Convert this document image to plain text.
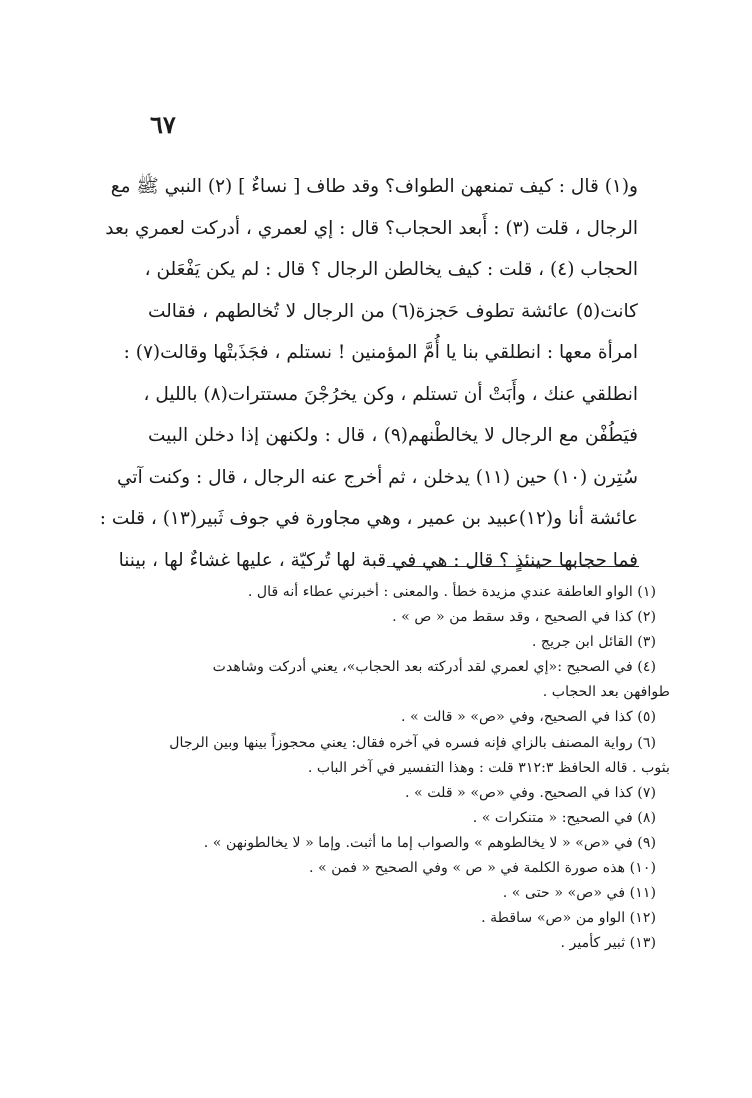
٦٧
و(١) قال : كيف تمنعهن الطواف؟ وقد طاف [ نساءٌ ] (٢) النبي ﷺ مع
الرجال ، قلت (٣) : أَبعد الحجاب؟ قال : إي لعمري ، أدركت لعمري بعد
الحجاب (٤) ، قلت : كيف يخالطن الرجال ؟ قال : لم يكن يَفْعَلن ،
كانت(٥) عائشة تطوف حَجزة(٦) من الرجال لا تُخالطهم ، فقالت
امرأة معها : انطلقي بنا يا أُمَّ المؤمنين ! نستلم ، فجَذَبتْها وقالت(٧) :
انطلقي عنك ، وأَبَتْ أن تستلم ، وكن يخرُجْنَ مستترات(٨) بالليل ،
فيَطُفْن مع الرجال لا يخالطْنهم(٩) ، قال : ولكنهن إذا دخلن البيت
سُتِرن (١٠) حين (١١) يدخلن ، ثم أخرج عنه الرجال ، قال : وكنت آتي
عائشة أنا و(١٢)عبيد بن عمير ، وهي مجاورة في جوف ثَبير(١٣) ، قلت :
فما حجابها حينئذٍ ؟ قال : هي في قبة لها تُركيّة ، عليها غشاءٌ لها ، بيننا
(١) الواو العاطفة عندي مزيدة خطأ . والمعنى : أخبرني عطاء أنه قال .
(٢) كذا في الصحيح ، وقد سقط من « ص » .
(٣) القائل ابن جريج .
(٤) في الصحيح :«إي لعمري لقد أدركته بعد الحجاب»، يعني أدركت وشاهدت
طوافهن بعد الحجاب .
(٥) كذا في الصحيح، وفي «ص» « قالت » .
(٦) رواية المصنف بالزاي فإنه فسره في آخره فقال: يعني محجوزاً بينها وبين الرجال
بثوب . قاله الحافظ ٣١٢:٣ قلت : وهذا التفسير في آخر الباب .
(٧) كذا في الصحيح. وفي «ص» « قلت » .
(٨) في الصحيح: « متنكرات » .
(٩) في «ص» « لا يخالطوهم » والصواب إما ما أثبت. وإما « لا يخالطونهن » .
(١٠) هذه صورة الكلمة في « ص » وفي الصحيح « فمن » .
(١١) في «ص» « حتى » .
(١٢) الواو من «ص» ساقطة .
(١٣) ثبير كأمير .
